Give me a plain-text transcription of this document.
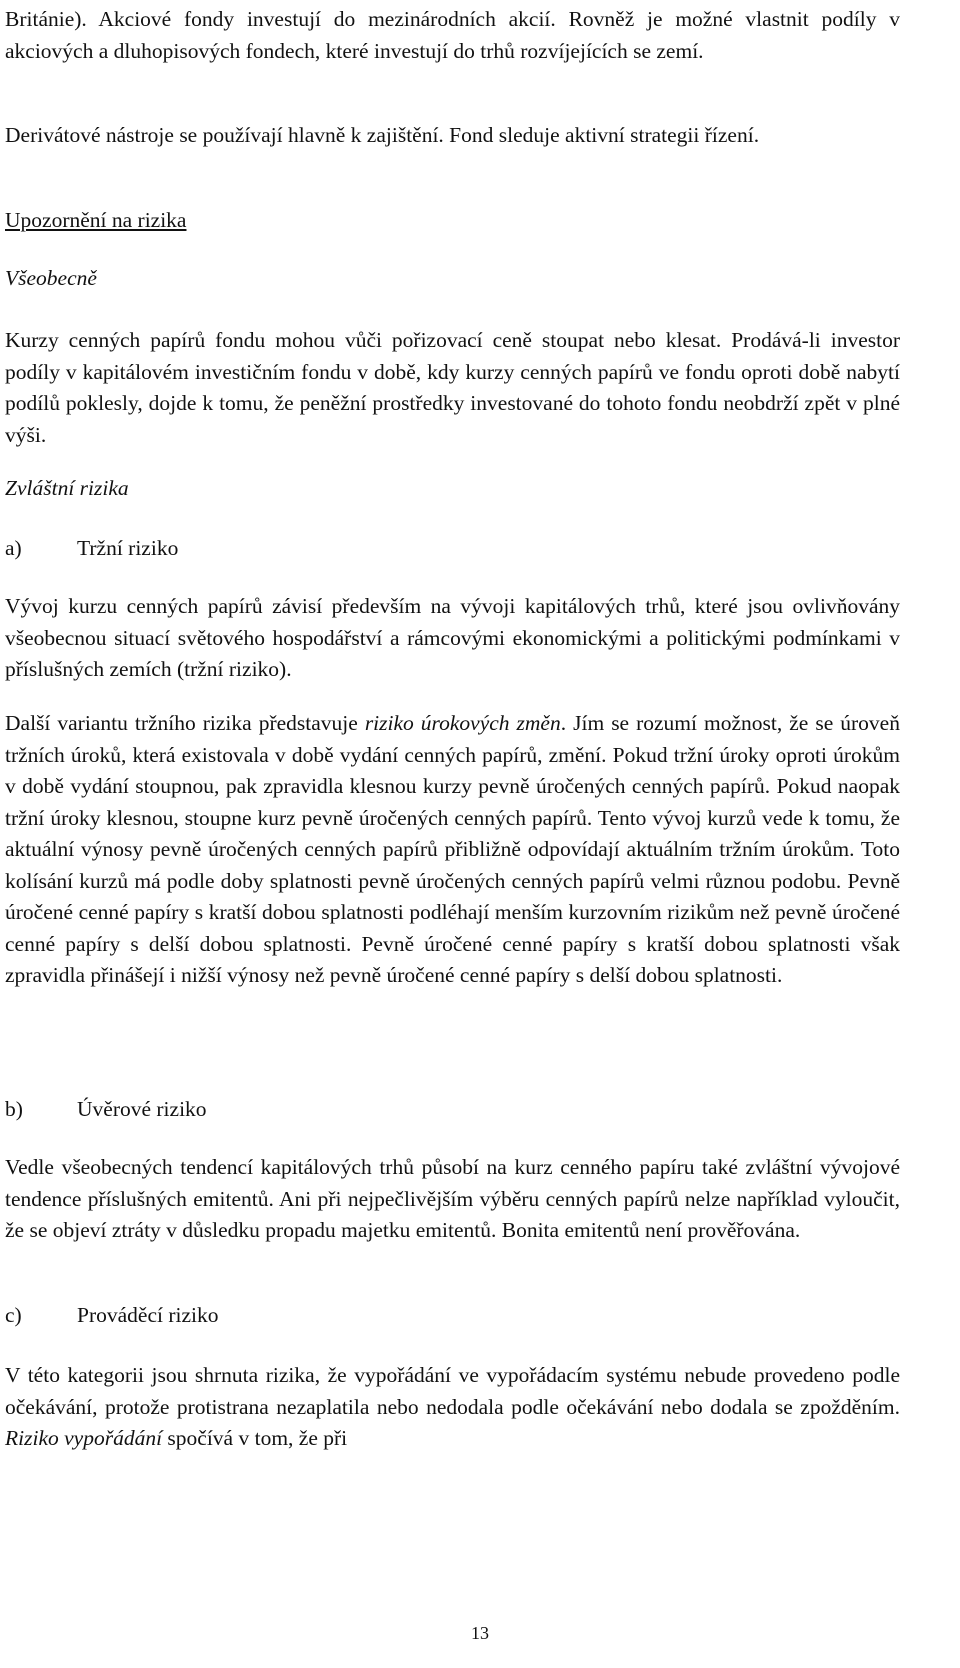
Británie). Akciové fondy investují do mezinárodních akcií. Rovněž je možné vlastnit podíly v akciových a dluhopisových fondech, které investují do trhů rozvíjejících se zemí.

Derivátové nástroje se používají hlavně k zajištění. Fond sleduje aktivní strategii řízení.

Upozornění na rizika

Všeobecně

Kurzy cenných papírů fondu mohou vůči pořizovací ceně stoupat nebo klesat. Prodává-li investor podíly v kapitálovém investičním fondu v době, kdy kurzy cenných papírů ve fondu oproti době nabytí podílů poklesly, dojde k tomu, že peněžní prostředky investované do tohoto fondu neobdrží zpět v plné výši.

Zvláštní rizika

a)	Tržní riziko

Vývoj kurzu cenných papírů závisí především na vývoji kapitálových trhů, které jsou ovlivňovány všeobecnou situací světového hospodářství a rámcovými ekonomickými a politickými podmínkami v příslušných zemích (tržní riziko).

Další variantu tržního rizika představuje riziko úrokových změn. Jím se rozumí možnost, že se úroveň tržních úroků, která existovala v době vydání cenných papírů, změní. Pokud tržní úroky oproti úrokům v době vydání stoupnou, pak zpravidla klesnou kurzy pevně úročených cenných papírů. Pokud naopak tržní úroky klesnou, stoupne kurz pevně úročených cenných papírů. Tento vývoj kurzů vede k tomu, že aktuální výnosy pevně úročených cenných papírů přibližně odpovídají aktuálním tržním úrokům. Toto kolísání kurzů má podle doby splatnosti pevně úročených cenných papírů velmi různou podobu. Pevně úročené cenné papíry s kratší dobou splatnosti podléhají menším kurzovním rizikům než pevně úročené cenné papíry s delší dobou splatnosti. Pevně úročené cenné papíry s kratší dobou splatnosti však zpravidla přinášejí i nižší výnosy než pevně úročené cenné papíry s delší dobou splatnosti.

b)	Úvěrové riziko

Vedle všeobecných tendencí kapitálových trhů působí na kurz cenného papíru také zvláštní vývojové tendence příslušných emitentů. Ani při nejpečlivějším výběru cenných papírů nelze například vyloučit, že se objeví ztráty v důsledku propadu majetku emitentů. Bonita emitentů není prověřována.

c)	Prováděcí riziko

V této kategorii jsou shrnuta rizika, že vypořádání ve vypořádacím systému nebude provedeno podle očekávání, protože protistrana nezaplatila nebo nedodala podle očekávání nebo dodala se zpožděním. Riziko vypořádání spočívá v tom, že při

13
